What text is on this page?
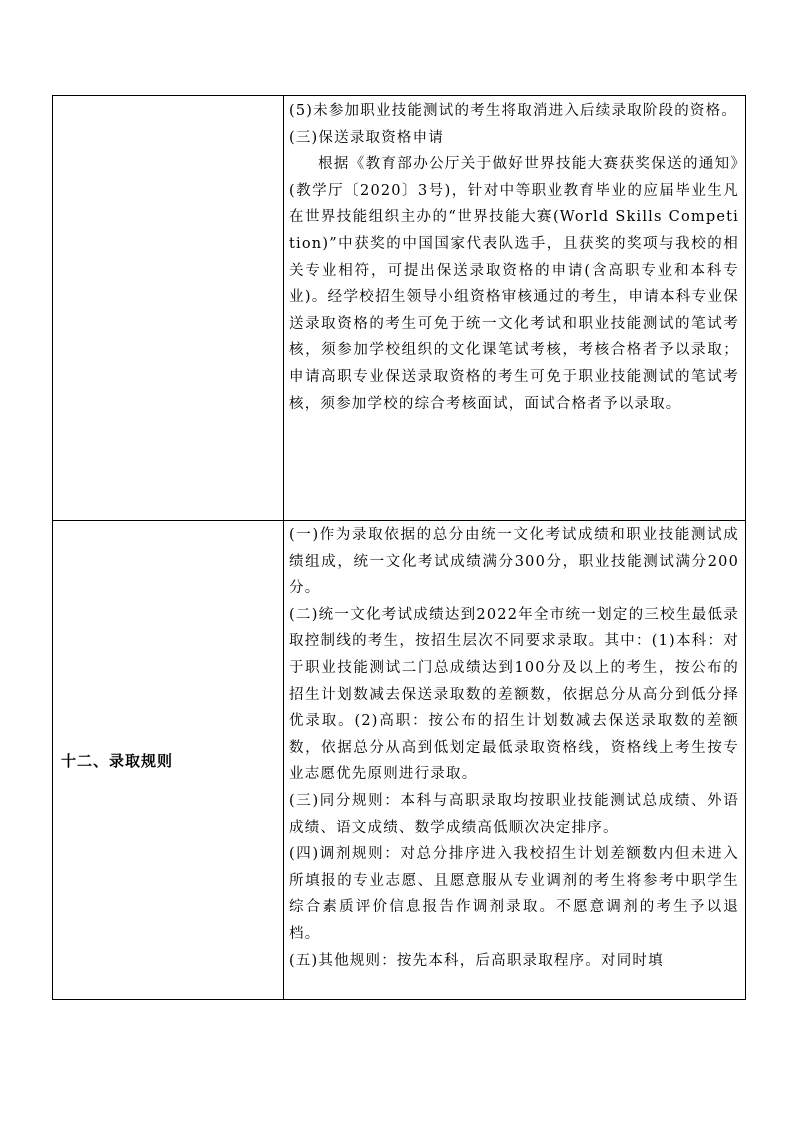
	(5)未参加职业技能测试的考生将取消进入后续录取阶段的资格。

(三)保送录取资格申请

根据《教育部办公厅关于做好世界技能大赛获奖保送的通知》(教学厅〔2020〕3号)，针对中等职业教育毕业的应届毕业生凡在世界技能组织主办的“世界技能大赛(World Skills Competition)”中获奖的中国国家代表队选手，且获奖的奖项与我校的相关专业相符，可提出保送录取资格的申请(含高职专业和本科专业)。经学校招生领导小组资格审核通过的考生，申请本科专业保送录取资格的考生可免于统一文化考试和职业技能测试的笔试考核，须参加学校组织的文化课笔试考核，考核合格者予以录取；申请高职专业保送录取资格的考生可免于职业技能测试的笔试考核，须参加学校的综合考核面试，面试合格者予以录取。

十二、录取规则	(一)作为录取依据的总分由统一文化考试成绩和职业技能测试成绩组成，统一文化考试成绩满分300分，职业技能测试满分200分。

(二)统一文化考试成绩达到2022年全市统一划定的三校生最低录取控制线的考生，按招生层次不同要求录取。其中：(1)本科：对于职业技能测试二门总成绩达到100分及以上的考生，按公布的招生计划数减去保送录取数的差额数，依据总分从高分到低分择优录取。(2)高职：按公布的招生计划数减去保送录取数的差额数，依据总分从高到低划定最低录取资格线，资格线上考生按专业志愿优先原则进行录取。

(三)同分规则：本科与高职录取均按职业技能测试总成绩、外语成绩、语文成绩、数学成绩高低顺次决定排序。

(四)调剂规则：对总分排序进入我校招生计划差额数内但未进入所填报的专业志愿、且愿意服从专业调剂的考生将参考中职学生综合素质评价信息报告作调剂录取。不愿意调剂的考生予以退档。

(五)其他规则：按先本科，后高职录取程序。对同时填
